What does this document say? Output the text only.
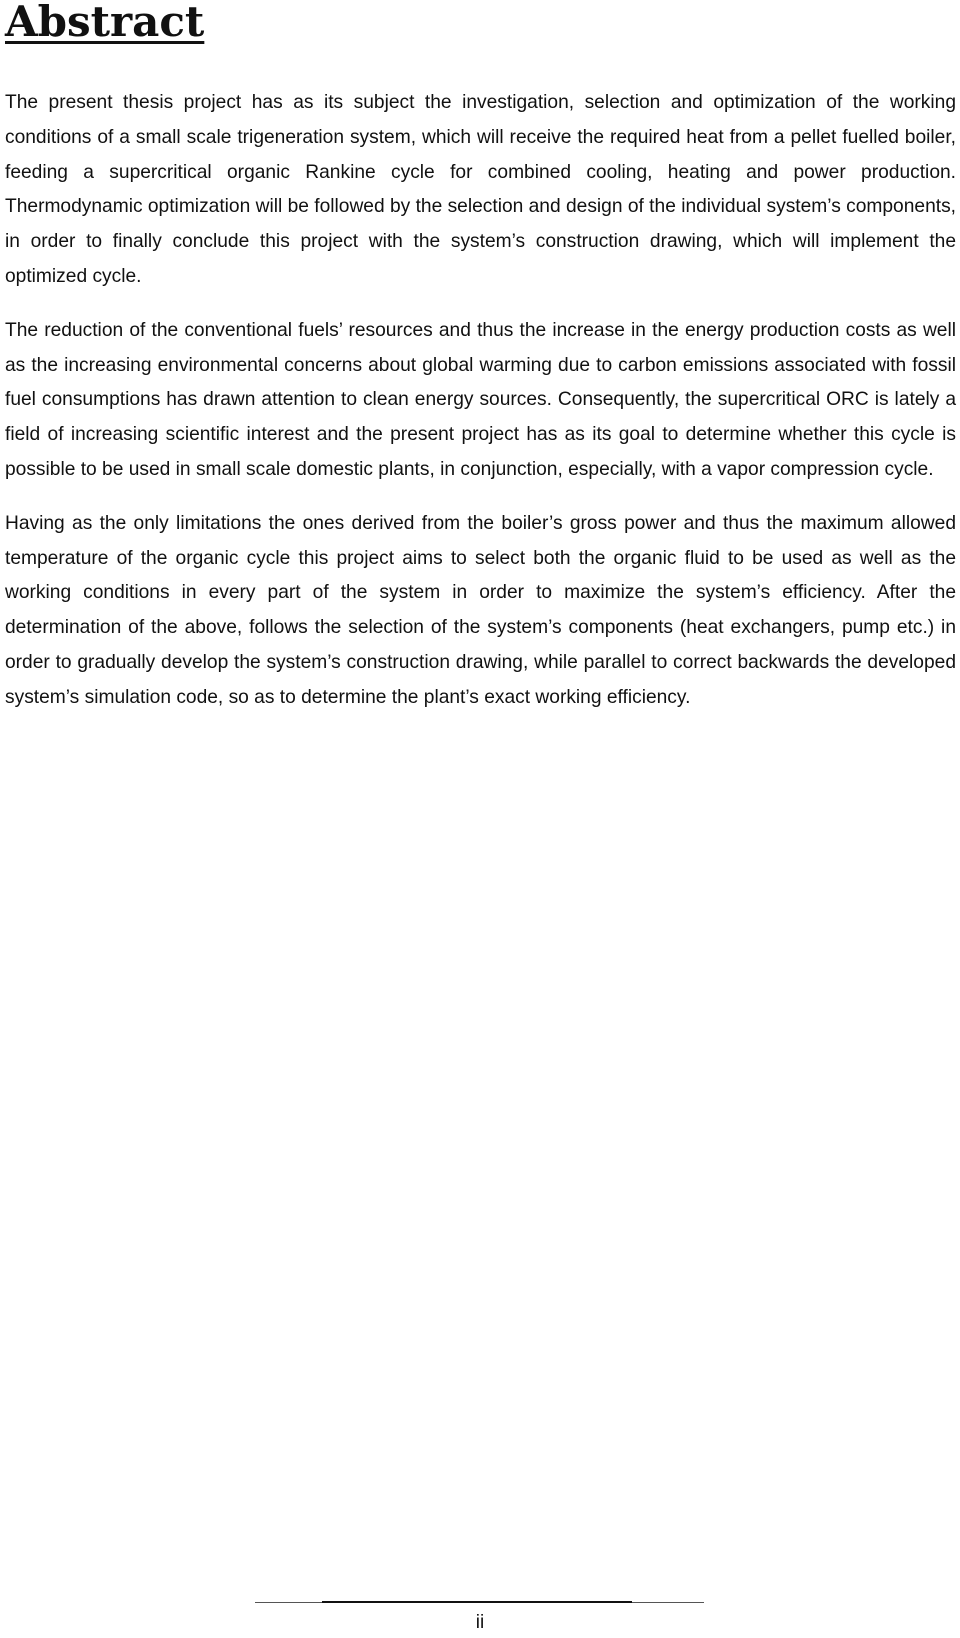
Abstract

The present thesis project has as its subject the investigation, selection and optimization of the working conditions of a small scale trigeneration system, which will receive the required heat from a pellet fuelled boiler, feeding a supercritical organic Rankine cycle for combined cooling, heating and power production. Thermodynamic optimization will be followed by the selection and design of the individual system’s components, in order to finally conclude this project with the system’s construction drawing, which will implement the optimized cycle.

The reduction of the conventional fuels’ resources and thus the increase in the energy production costs as well as the increasing environmental concerns about global warming due to carbon emissions associated with fossil fuel consumptions has drawn attention to clean energy sources. Consequently, the supercritical ORC is lately a field of increasing scientific interest and the present project has as its goal to determine whether this cycle is possible to be used in small scale domestic plants, in conjunction, especially, with a vapor compression cycle.

Having as the only limitations the ones derived from the boiler’s gross power and thus the maximum allowed temperature of the organic cycle this project aims to select both the organic fluid to be used as well as the working conditions in every part of the system in order to maximize the system’s efficiency. After the determination of the above, follows the selection of the system’s components (heat exchangers, pump etc.) in order to gradually develop the system’s construction drawing, while parallel to correct backwards the developed system’s simulation code, so as to determine the plant’s exact working efficiency.

ii
